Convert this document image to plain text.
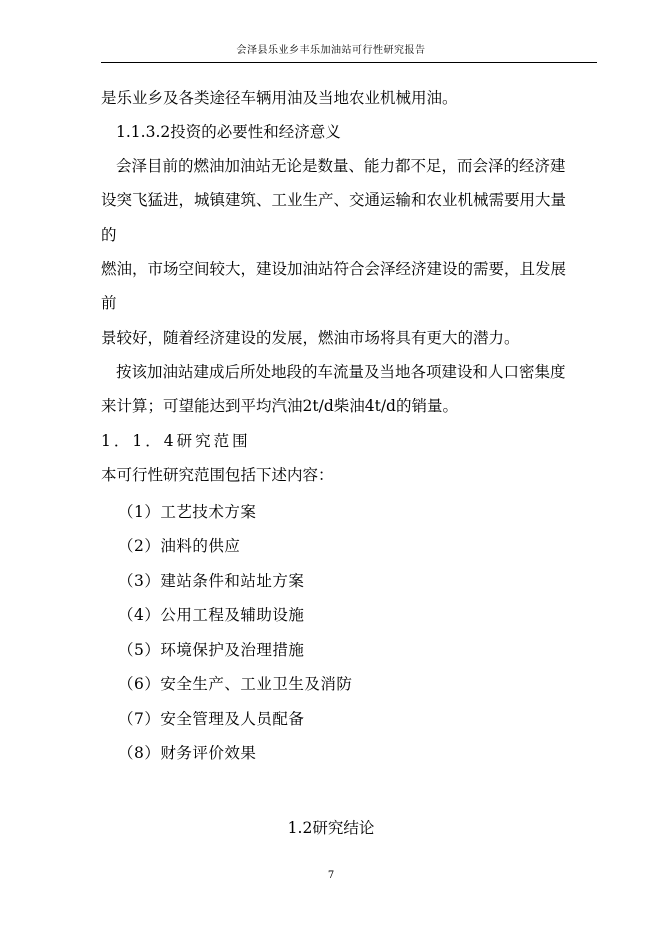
会泽县乐业乡丰乐加油站可行性研究报告
是乐业乡及各类途径车辆用油及当地农业机械用油。
1.1.3.2投资的必要性和经济意义
会泽目前的燃油加油站无论是数量、能力都不足，而会泽的经济建
设突飞猛进，城镇建筑、工业生产、交通运输和农业机械需要用大量
的
燃油，市场空间较大，建设加油站符合会泽经济建设的需要，且发展
前
景较好，随着经济建设的发展，燃油市场将具有更大的潜力。
按该加油站建成后所处地段的车流量及当地各项建设和人口密集度
来计算；可望能达到平均汽油2t/d柴油4t/d的销量。
1．1．4研究范围
本可行性研究范围包括下述内容：
（1）工艺技术方案
（2）油料的供应
（3）建站条件和站址方案
（4）公用工程及辅助设施
（5）环境保护及治理措施
（6）安全生产、工业卫生及消防
（7）安全管理及人员配备
（8）财务评价效果
1.2研究结论
7
